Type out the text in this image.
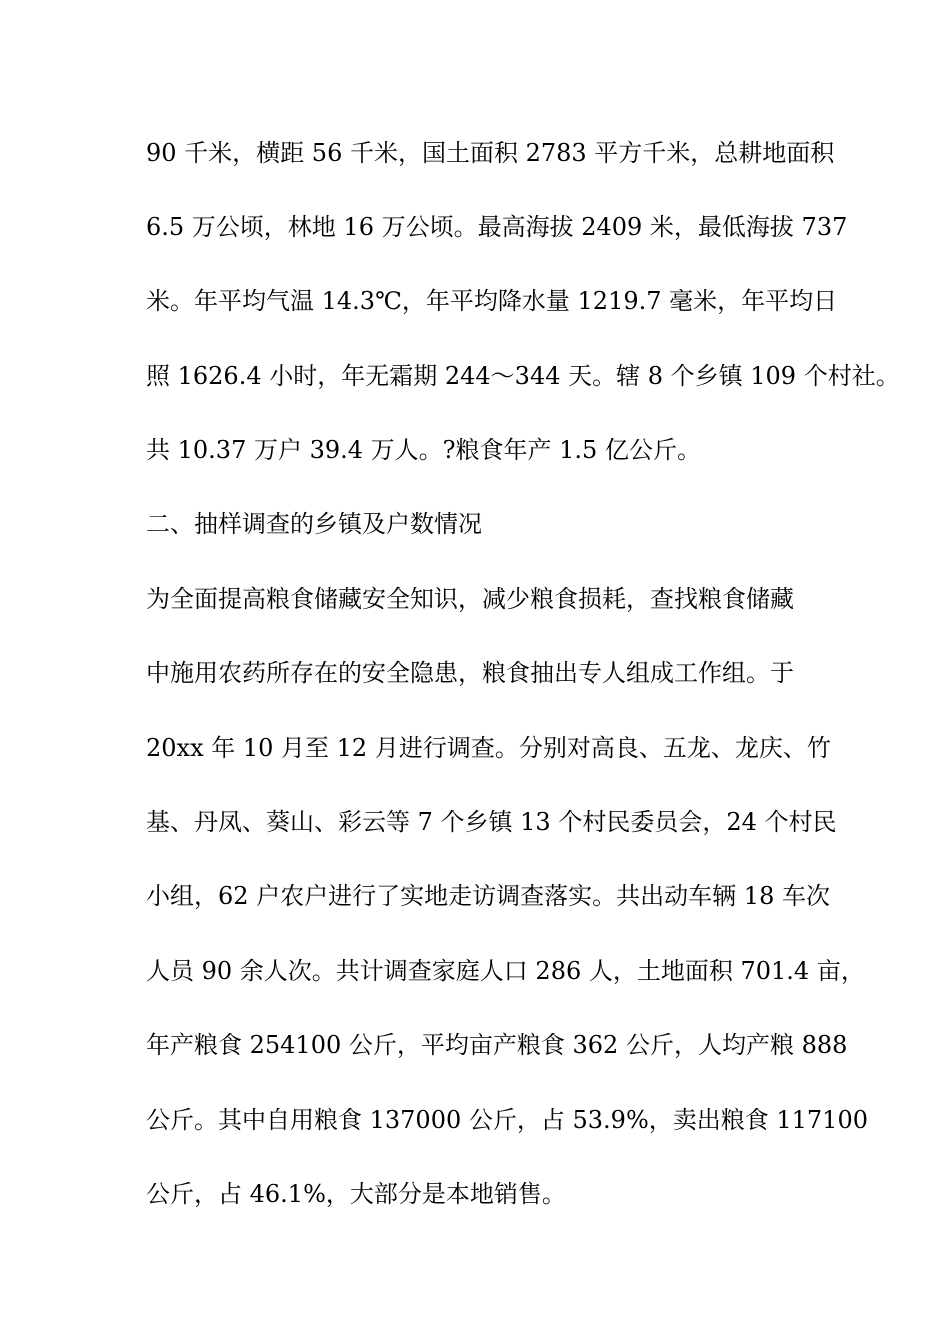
90 千米，横距 56 千米，国土面积 2783 平方千米，总耕地面积
6.5 万公顷，林地 16 万公顷。最高海拔 2409 米，最低海拔 737
米。年平均气温 14.3℃，年平均降水量 1219.7 毫米，年平均日
照 1626.4 小时，年无霜期 244～344 天。辖 8 个乡镇 109 个村社。
共 10.37 万户 39.4 万人。?粮食年产 1.5 亿公斤。
二、抽样调查的乡镇及户数情况
为全面提高粮食储藏安全知识，减少粮食损耗，查找粮食储藏
中施用农药所存在的安全隐患，粮食抽出专人组成工作组。于
20xx 年 10 月至 12 月进行调查。分别对高良、五龙、龙庆、竹
基、丹凤、葵山、彩云等 7 个乡镇 13 个村民委员会，24 个村民
小组，62 户农户进行了实地走访调查落实。共出动车辆 18 车次
人员 90 余人次。共计调查家庭人口 286 人，土地面积 701.4 亩，
年产粮食 254100 公斤，平均亩产粮食 362 公斤，人均产粮 888
公斤。其中自用粮食 137000 公斤，占 53.9%，卖出粮食 117100
公斤，占 46.1%，大部分是本地销售。
